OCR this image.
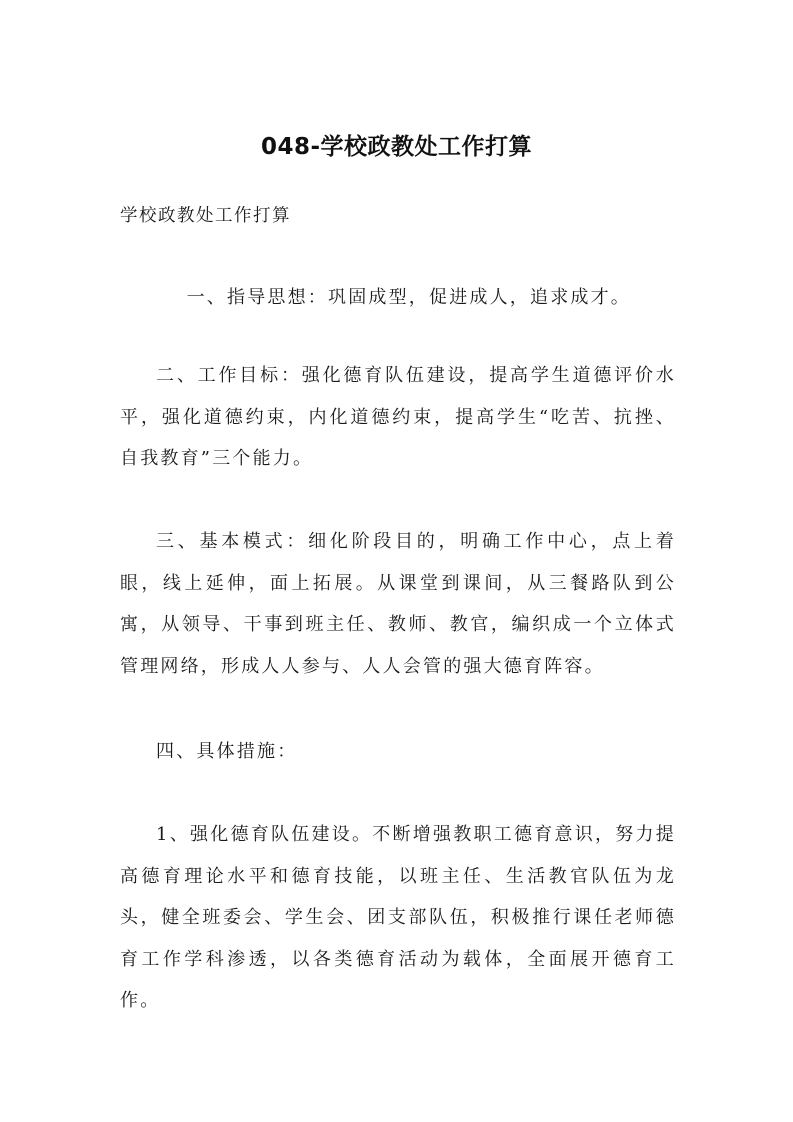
048-学校政教处工作打算
学校政教处工作打算

一、指导思想：巩固成型，促进成人，追求成才。

二、工作目标：强化德育队伍建设，提高学生道德评价水平，强化道德约束，内化道德约束，提高学生“吃苦、抗挫、自我教育”三个能力。

三、基本模式：细化阶段目的，明确工作中心，点上着眼，线上延伸，面上拓展。从课堂到课间，从三餐路队到公寓，从领导、干事到班主任、教师、教官，编织成一个立体式管理网络，形成人人参与、人人会管的强大德育阵容。

四、具体措施：

1、强化德育队伍建设。不断增强教职工德育意识，努力提高德育理论水平和德育技能，以班主任、生活教官队伍为龙头，健全班委会、学生会、团支部队伍，积极推行课任老师德育工作学科渗透，以各类德育活动为载体，全面展开德育工作。
